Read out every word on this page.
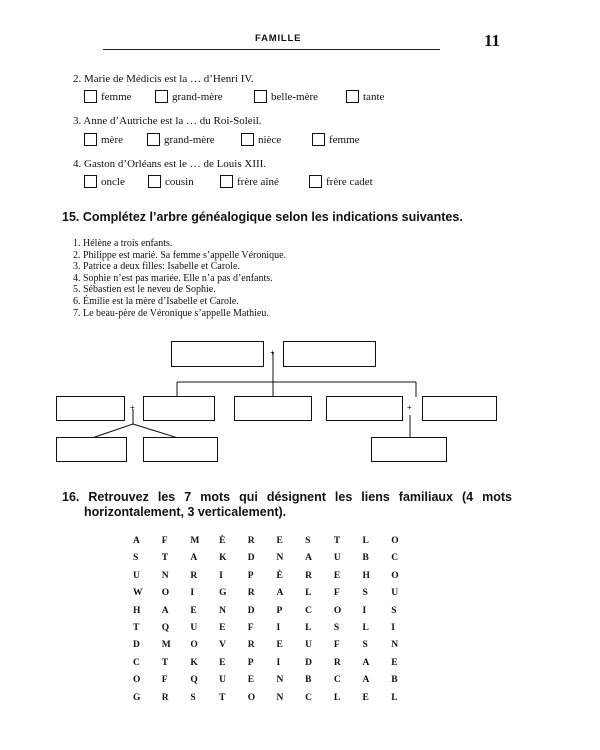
FAMILLE	11
2. Marie de Médicis est la … d’Henri IV.
femme	grand-mère	belle-mère	tante
3. Anne d’Autriche est la … du Roi-Soleil.
mère	grand-mère	nièce	femme
4. Gaston d’Orléans est le … de Louis XIII.
oncle	cousin	frère aîné	frère cadet
15. Complétez l’arbre généalogique selon les indications suivantes.
1. Hélène a trois enfants.
2. Philippe est marié. Sa femme s’appelle Véronique.
3. Patrice a deux filles: Isabelle et Carole.
4. Sophie n’est pas mariée. Elle n’a pas d’enfants.
5. Sébastien est le neveu de Sophie.
6. Émilie est la mère d’Isabelle et Carole.
7. Le beau-père de Véronique s’appelle Mathieu.
+
+	+
16. Retrouvez les 7 mots qui désignent les liens familiaux (4 mots
horizontalement, 3 verticalement).
A	F	M	È	R	E	S	T	L	O
S	T	A	K	D	N	A	U	B	C
U	N	R	I	P	È	R	E	H	O
W	O	I	G	R	A	L	F	S	U
H	A	E	N	D	P	C	O	I	S
T	Q	U	E	F	I	L	S	L	I
D	M	O	V	R	E	U	F	S	N
C	T	K	E	P	I	D	R	A	E
O	F	Q	U	E	N	B	C	A	B
G	R	S	T	O	N	C	L	E	L
